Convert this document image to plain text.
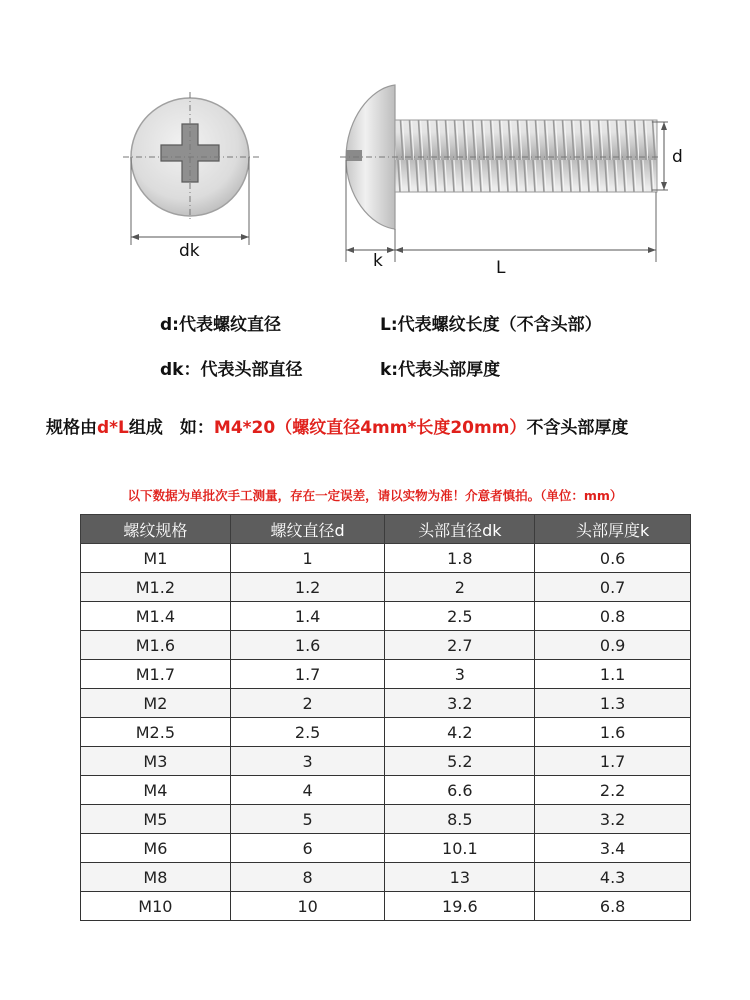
dk	k	L
d
d:代表螺纹直径	L:代表螺纹长度（不含头部）
dk：代表头部直径	k:代表头部厚度
规格由d*L组成　如：M4*20（螺纹直径4mm*长度20mm）不含头部厚度
以下数据为单批次手工测量，存在一定误差，请以实物为准！介意者慎拍。（单位：mm）
螺纹规格	螺纹直径d	头部直径dk	头部厚度k
M1	1	1.8	0.6
M1.2	1.2	2	0.7
M1.4	1.4	2.5	0.8
M1.6	1.6	2.7	0.9
M1.7	1.7	3	1.1
M2	2	3.2	1.3
M2.5	2.5	4.2	1.6
M3	3	5.2	1.7
M4	4	6.6	2.2
M5	5	8.5	3.2
M6	6	10.1	3.4
M8	8	13	4.3
M10	10	19.6	6.8
